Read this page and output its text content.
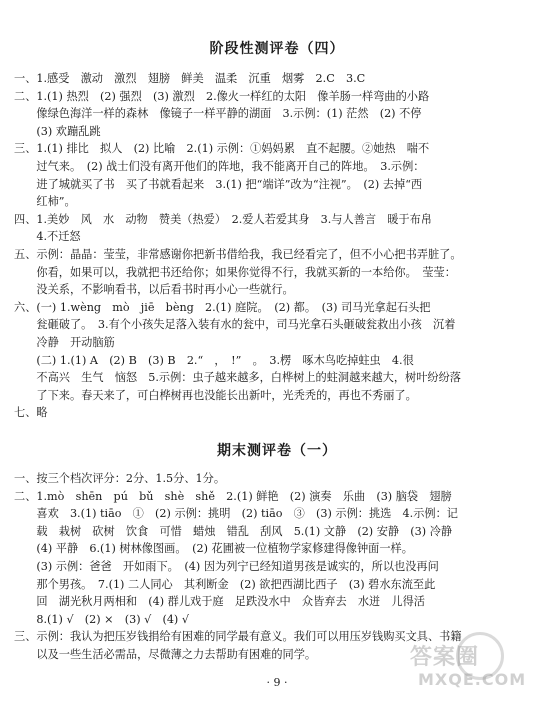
阶段性测评卷（四）
一、1.感受　激动　激烈　翅膀　鲜美　温柔　沉重　烟雾　2.C　3.C
二、1.(1) 热烈　(2) 强烈　(3) 激烈　2.像火一样红的太阳　像羊肠一样弯曲的小路
　　像绿色海洋一样的森林　像镜子一样平静的湖面　3.示例：(1) 茫然　(2) 不停
　　(3) 欢蹦乱跳
三、1.(1) 排比　拟人　(2) 比喻　2.(1) 示例：①妈妈累　直不起腰。②她热　喘不
　　过气来。　(2) 战士们没有离开他们的阵地，我不能离开自己的阵地。　3.示例：
　　进了城就买了书　买了书就看起来　3.(1) 把“端详”改为“注视”。　(2) 去掉“西
　　红柿”。
四、1.美妙　风　水　动物　赞美（热爱）　2.爱人若爱其身　3.与人善言　暖于布帛
　　4.不迁怒
五、示例：晶晶：莹莹，非常感谢你把新书借给我，我已经看完了，但不小心把书弄脏了。
　　你看，如果可以，我就把书还给你；如果你觉得不行，我就买新的一本给你。　莹莹：
　　没关系，不影响看书，以后看书时再小心一些就行。
六、(一) 1.wèng　mò　jiē　bèng　2.(1) 庭院。　(2) 都。　(3) 司马光拿起石头把
　　瓮砸破了。　3.有个小孩失足落入装有水的瓮中，司马光拿石头砸破瓮救出小孩　沉着
　　冷静　开动脑筋
　　(二) 1.(1) A　(2) B　(3) B　2.“　，　!”　。　3.楞　啄木鸟吃掉蛀虫　4.很
　　不高兴　生气　恼怒　5.示例：虫子越来越多，白桦树上的蛀洞越来越大，树叶纷纷落
　　了下来。春天来了，可白桦树再也没能长出新叶，光秃秃的，再也不秀丽了。
七、略
期末测评卷（一）
一、按三个档次评分：2分、1.5分、1分。
二、1.mò　shēn　pú　bǔ　shè　shě　2.(1) 鲜艳　(2) 演奏　乐曲　(3) 脑袋　翅膀
　　喜欢　3.(1) tiāo　①　(2) 示例：挑明　(2) tiāo　③　(3) 示例：挑选　4.示例：记
　　载　栽树　砍树　饮食　可惜　蜡烛　错乱　刮风　5.(1) 文静　(2) 安静　(3) 冷静
　　(4) 平静　6.(1) 树林像图画。　(2) 花圃被一位植物学家修建得像钟面一样。
　　(3) 示例：爸爸　开如雨下。　(4) 因为列宁已经知道男孩是诚实的，所以也没再问
　　那个男孩。　7.(1) 二人同心　其利断金　(2) 欲把西湖比西子　(3) 碧水东流至此
　　回　湖光秋月两相和　(4) 群儿戏于庭　足跌没水中　众皆弃去　水迸　儿得活
　　8.(1) √　(2) ×　(3) √　(4) √
三、示例：我认为把压岁钱捐给有困难的同学最有意义。我们可以用压岁钱购买文具、书籍
　　以及一些生活必需品，尽微薄之力去帮助有困难的同学。
· 9 ·
答案圈
MXQE.COM
